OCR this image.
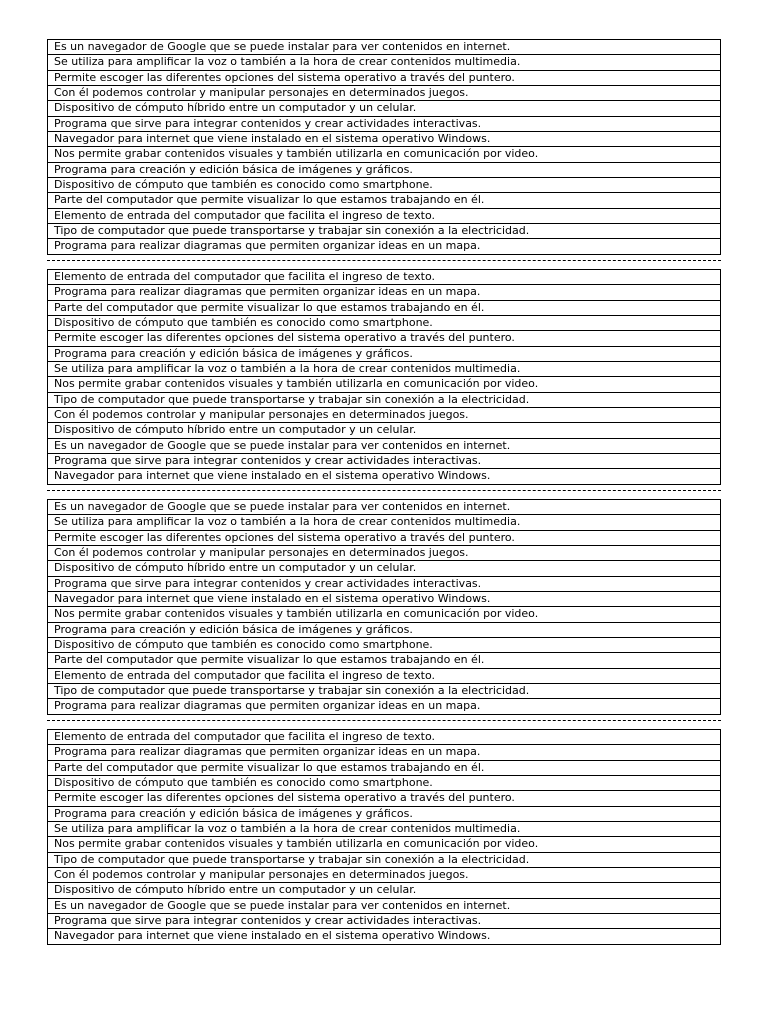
Es un navegador de Google que se puede instalar para ver contenidos en internet.
Se utiliza para amplificar la voz o también a la hora de crear contenidos multimedia.
Permite escoger las diferentes opciones del sistema operativo a través del puntero.
Con él podemos controlar y manipular personajes en determinados juegos.
Dispositivo de cómputo híbrido entre un computador y un celular.
Programa que sirve para integrar contenidos y crear actividades interactivas.
Navegador para internet que viene instalado en el sistema operativo Windows.
Nos permite grabar contenidos visuales y también utilizarla en comunicación por video.
Programa para creación y edición básica de imágenes y gráficos.
Dispositivo de cómputo que también es conocido como smartphone.
Parte del computador que permite visualizar lo que estamos trabajando en él.
Elemento de entrada del computador que facilita el ingreso de texto.
Tipo de computador que puede transportarse y trabajar sin conexión a la electricidad.
Programa para realizar diagramas que permiten organizar ideas en un mapa.
Elemento de entrada del computador que facilita el ingreso de texto.
Programa para realizar diagramas que permiten organizar ideas en un mapa.
Parte del computador que permite visualizar lo que estamos trabajando en él.
Dispositivo de cómputo que también es conocido como smartphone.
Permite escoger las diferentes opciones del sistema operativo a través del puntero.
Programa para creación y edición básica de imágenes y gráficos.
Se utiliza para amplificar la voz o también a la hora de crear contenidos multimedia.
Nos permite grabar contenidos visuales y también utilizarla en comunicación por video.
Tipo de computador que puede transportarse y trabajar sin conexión a la electricidad.
Con él podemos controlar y manipular personajes en determinados juegos.
Dispositivo de cómputo híbrido entre un computador y un celular.
Es un navegador de Google que se puede instalar para ver contenidos en internet.
Programa que sirve para integrar contenidos y crear actividades interactivas.
Navegador para internet que viene instalado en el sistema operativo Windows.
Es un navegador de Google que se puede instalar para ver contenidos en internet.
Se utiliza para amplificar la voz o también a la hora de crear contenidos multimedia.
Permite escoger las diferentes opciones del sistema operativo a través del puntero.
Con él podemos controlar y manipular personajes en determinados juegos.
Dispositivo de cómputo híbrido entre un computador y un celular.
Programa que sirve para integrar contenidos y crear actividades interactivas.
Navegador para internet que viene instalado en el sistema operativo Windows.
Nos permite grabar contenidos visuales y también utilizarla en comunicación por video.
Programa para creación y edición básica de imágenes y gráficos.
Dispositivo de cómputo que también es conocido como smartphone.
Parte del computador que permite visualizar lo que estamos trabajando en él.
Elemento de entrada del computador que facilita el ingreso de texto.
Tipo de computador que puede transportarse y trabajar sin conexión a la electricidad.
Programa para realizar diagramas que permiten organizar ideas en un mapa.
Elemento de entrada del computador que facilita el ingreso de texto.
Programa para realizar diagramas que permiten organizar ideas en un mapa.
Parte del computador que permite visualizar lo que estamos trabajando en él.
Dispositivo de cómputo que también es conocido como smartphone.
Permite escoger las diferentes opciones del sistema operativo a través del puntero.
Programa para creación y edición básica de imágenes y gráficos.
Se utiliza para amplificar la voz o también a la hora de crear contenidos multimedia.
Nos permite grabar contenidos visuales y también utilizarla en comunicación por video.
Tipo de computador que puede transportarse y trabajar sin conexión a la electricidad.
Con él podemos controlar y manipular personajes en determinados juegos.
Dispositivo de cómputo híbrido entre un computador y un celular.
Es un navegador de Google que se puede instalar para ver contenidos en internet.
Programa que sirve para integrar contenidos y crear actividades interactivas.
Navegador para internet que viene instalado en el sistema operativo Windows.
